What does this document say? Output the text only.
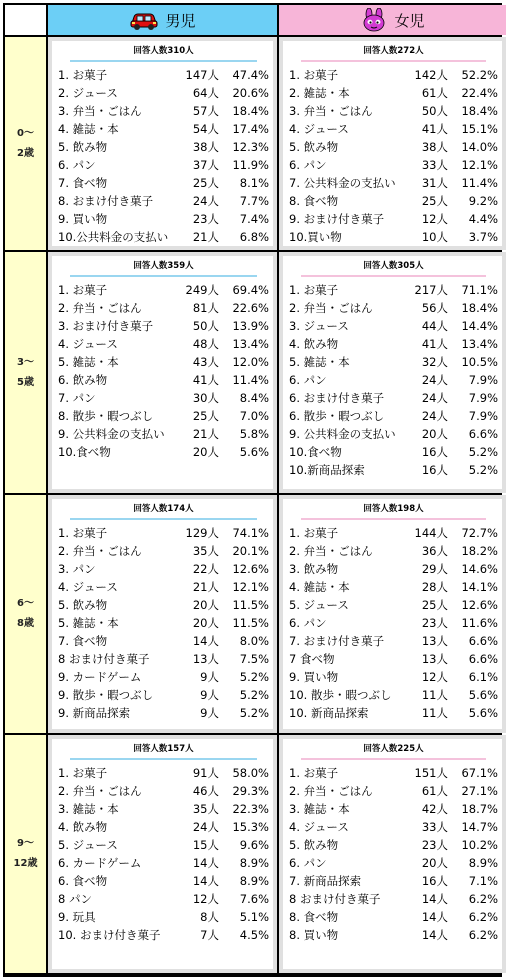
男児	女児
0～
2歳
回答人数310人
1. お菓子	147人	47.4%
2. ジュース	64人	20.6%
3. 弁当・ごはん	57人	18.4%
4. 雑誌・本	54人	17.4%
5. 飲み物	38人	12.3%
6. パン	37人	11.9%
7. 食べ物	25人	8.1%
8. おまけ付き菓子	24人	7.7%
9. 買い物	23人	7.4%
10.公共料金の支払い	21人	6.8%
回答人数272人
1. お菓子	142人	52.2%
2. 雑誌・本	61人	22.4%
3. 弁当・ごはん	50人	18.4%
4. ジュース	41人	15.1%
5. 飲み物	38人	14.0%
6. パン	33人	12.1%
7. 公共料金の支払い	31人	11.4%
8. 食べ物	25人	9.2%
9. おまけ付き菓子	12人	4.4%
10.買い物	10人	3.7%
3～
5歳
回答人数359人
1. お菓子	249人	69.4%
2. 弁当・ごはん	81人	22.6%
3. おまけ付き菓子	50人	13.9%
4. ジュース	48人	13.4%
5. 雑誌・本	43人	12.0%
6. 飲み物	41人	11.4%
7. パン	30人	8.4%
8. 散歩・暇つぶし	25人	7.0%
9. 公共料金の支払い	21人	5.8%
10.食べ物	20人	5.6%
回答人数305人
1. お菓子	217人	71.1%
2. 弁当・ごはん	56人	18.4%
3. ジュース	44人	14.4%
4. 飲み物	41人	13.4%
5. 雑誌・本	32人	10.5%
6. パン	24人	7.9%
6. おまけ付き菓子	24人	7.9%
6. 散歩・暇つぶし	24人	7.9%
9. 公共料金の支払い	20人	6.6%
10.食べ物	16人	5.2%
10.新商品探索	16人	5.2%
6～
8歳
回答人数174人
1. お菓子	129人	74.1%
2. 弁当・ごはん	35人	20.1%
3. パン	22人	12.6%
4. ジュース	21人	12.1%
5. 飲み物	20人	11.5%
5. 雑誌・本	20人	11.5%
7. 食べ物	14人	8.0%
8 おまけ付き菓子	13人	7.5%
9. カードゲーム	9人	5.2%
9. 散歩・暇つぶし	9人	5.2%
9. 新商品探索	9人	5.2%
回答人数198人
1. お菓子	144人	72.7%
2. 弁当・ごはん	36人	18.2%
3. 飲み物	29人	14.6%
4. 雑誌・本	28人	14.1%
5. ジュース	25人	12.6%
6. パン	23人	11.6%
7. おまけ付き菓子	13人	6.6%
7 食べ物	13人	6.6%
9. 買い物	12人	6.1%
10. 散歩・暇つぶし	11人	5.6%
10. 新商品探索	11人	5.6%
9～
12歳
回答人数157人
1. お菓子	91人	58.0%
2. 弁当・ごはん	46人	29.3%
3. 雑誌・本	35人	22.3%
4. 飲み物	24人	15.3%
5. ジュース	15人	9.6%
6. カードゲーム	14人	8.9%
6. 食べ物	14人	8.9%
8 パン	12人	7.6%
9. 玩具	8人	5.1%
10. おまけ付き菓子	7人	4.5%
回答人数225人
1. お菓子	151人	67.1%
2. 弁当・ごはん	61人	27.1%
3. 雑誌・本	42人	18.7%
4. ジュース	33人	14.7%
5. 飲み物	23人	10.2%
6. パン	20人	8.9%
7. 新商品探索	16人	7.1%
8 おまけ付き菓子	14人	6.2%
8. 食べ物	14人	6.2%
8. 買い物	14人	6.2%
